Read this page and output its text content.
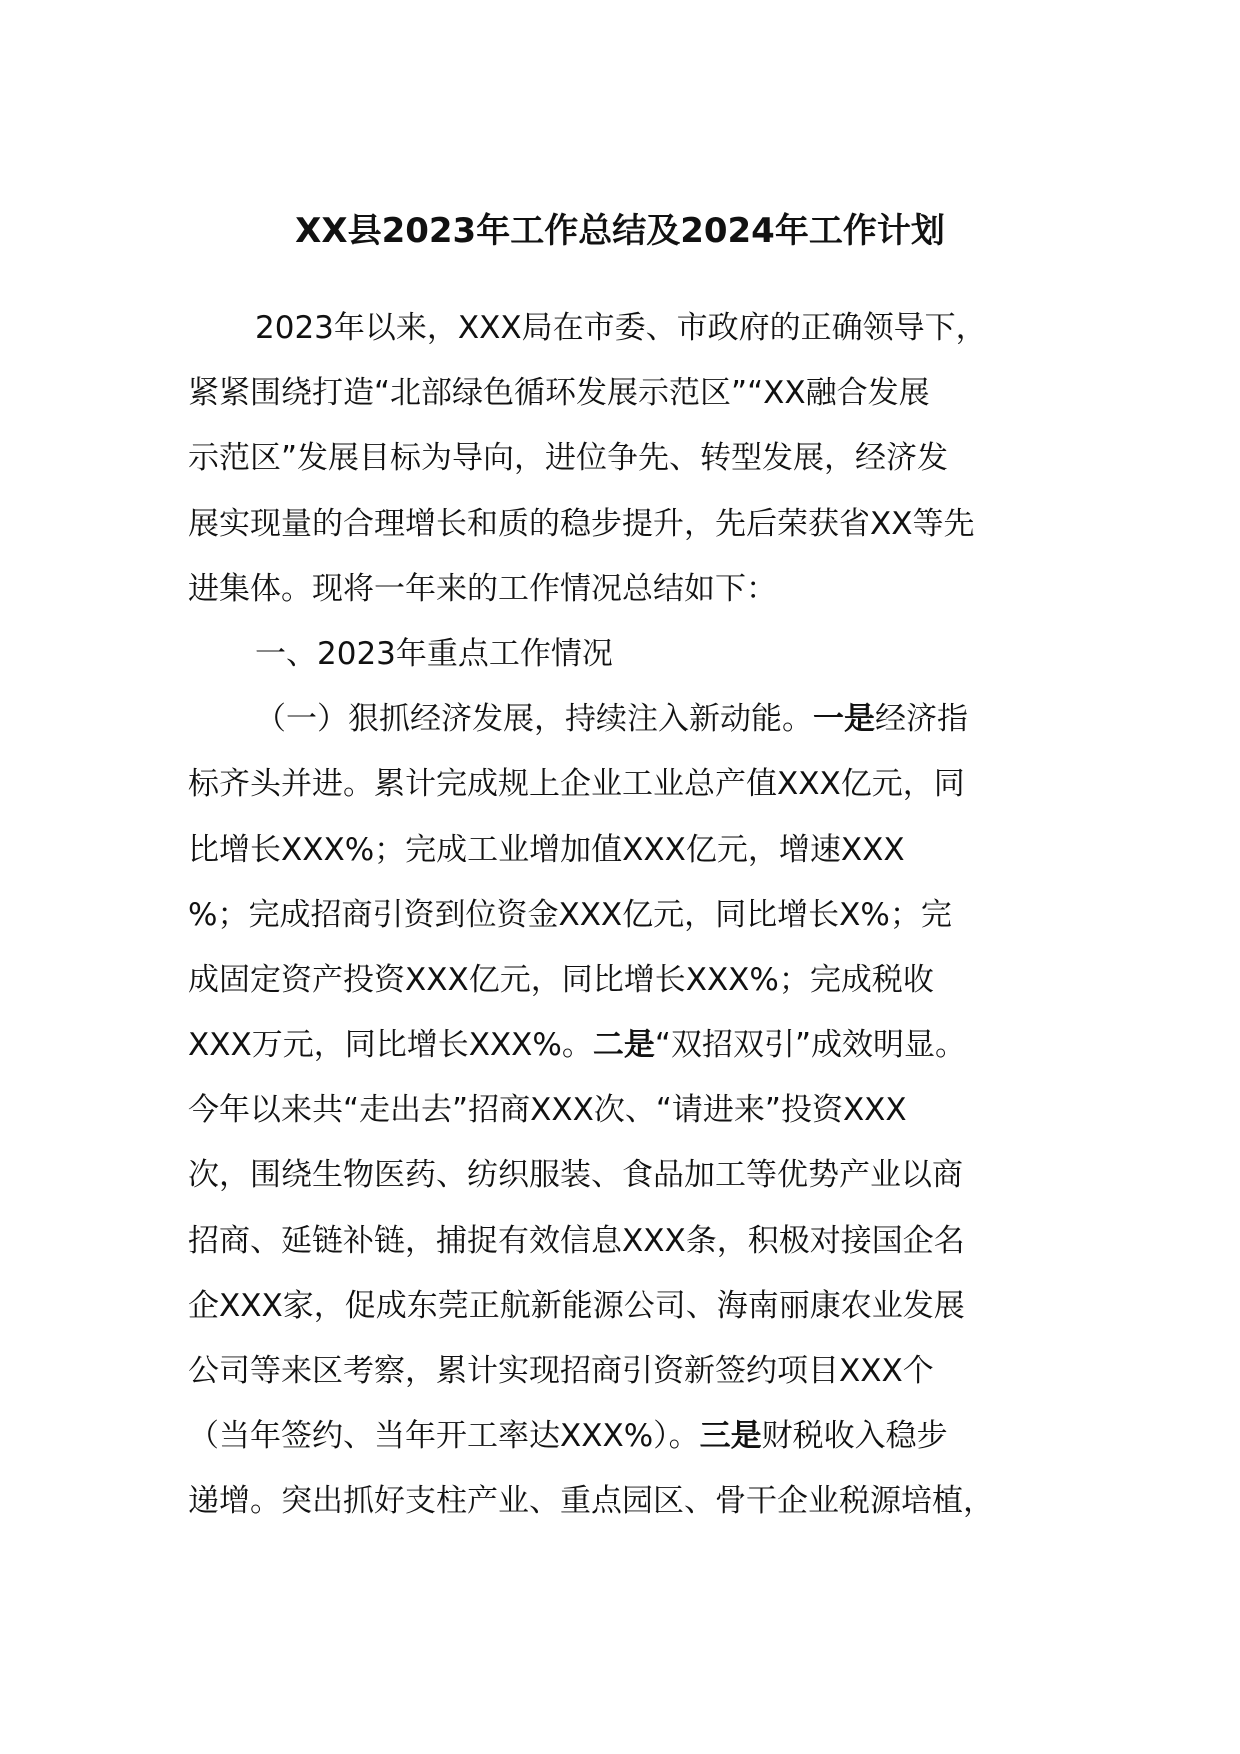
XX县2023年工作总结及2024年工作计划
2023年以来，XXX局在市委、市政府的正确领导下，
紧紧围绕打造“北部绿色循环发展示范区”“XX融合发展
示范区”发展目标为导向，进位争先、转型发展，经济发
展实现量的合理增长和质的稳步提升，先后荣获省XX等先
进集体。现将一年来的工作情况总结如下：
一、2023年重点工作情况
（一）狠抓经济发展，持续注入新动能。一是经济指
标齐头并进。累计完成规上企业工业总产值XXX亿元，同
比增长XXX%；完成工业增加值XXX亿元，增速XXX
%；完成招商引资到位资金XXX亿元，同比增长X%；完
成固定资产投资XXX亿元，同比增长XXX%；完成税收
XXX万元，同比增长XXX%。二是“双招双引”成效明显。
今年以来共“走出去”招商XXX次、“请进来”投资XXX
次，围绕生物医药、纺织服装、食品加工等优势产业以商
招商、延链补链，捕捉有效信息XXX条，积极对接国企名
企XXX家，促成东莞正航新能源公司、海南丽康农业发展
公司等来区考察，累计实现招商引资新签约项目XXX个
（当年签约、当年开工率达XXX%）。三是财税收入稳步
递增。突出抓好支柱产业、重点园区、骨干企业税源培植，
